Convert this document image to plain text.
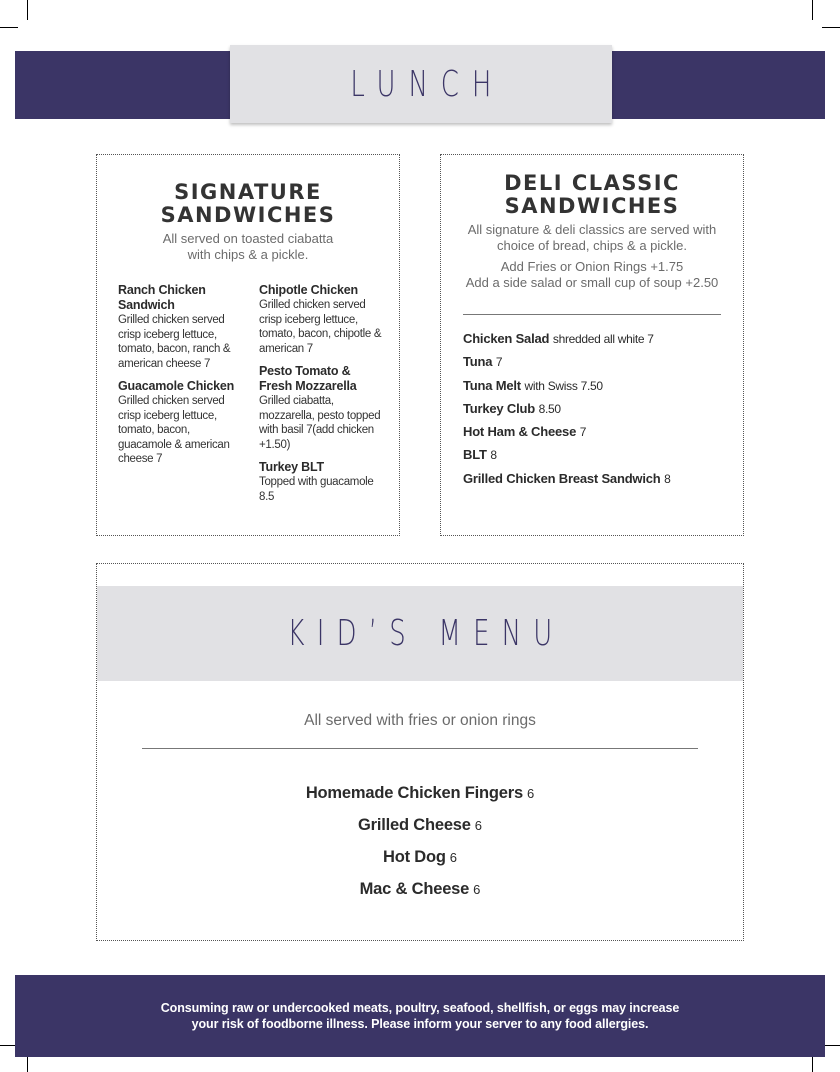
LUNCH

SIGNATURE

SANDWICHES

All served on toasted ciabatta

with chips & a pickle.

Ranch Chicken Sandwich
Grilled chicken served crisp iceberg lettuce, tomato, bacon, ranch & american cheese 7
Guacamole Chicken
Grilled chicken served crisp iceberg lettuce, tomato, bacon, guacamole & american cheese 7
Chipotle Chicken
Grilled chicken served crisp iceberg lettuce, tomato, bacon, chipotle & american 7
Pesto Tomato & Fresh Mozzarella
Grilled ciabatta, mozzarella, pesto topped with basil 7(add chicken +1.50)
Turkey BLT
Topped with guacamole 8.5

DELI CLASSIC

SANDWICHES

All signature & deli classics are served with

choice of bread, chips & a pickle.

Add Fries or Onion Rings +1.75

Add a side salad or small cup of soup +2.50

Chicken Salad shredded all white 7
Tuna 7
Tuna Melt with Swiss 7.50
Turkey Club 8.50
Hot Ham & Cheese 7
BLT 8
Grilled Chicken Breast Sandwich 8
KID’S MENU
All served with fries or onion rings
Homemade Chicken Fingers 6
Grilled Cheese 6
Hot Dog 6
Mac & Cheese 6
Consuming raw or undercooked meats, poultry, seafood, shellfish, or eggs may increase
your risk of foodborne illness. Please inform your server to any food allergies.
